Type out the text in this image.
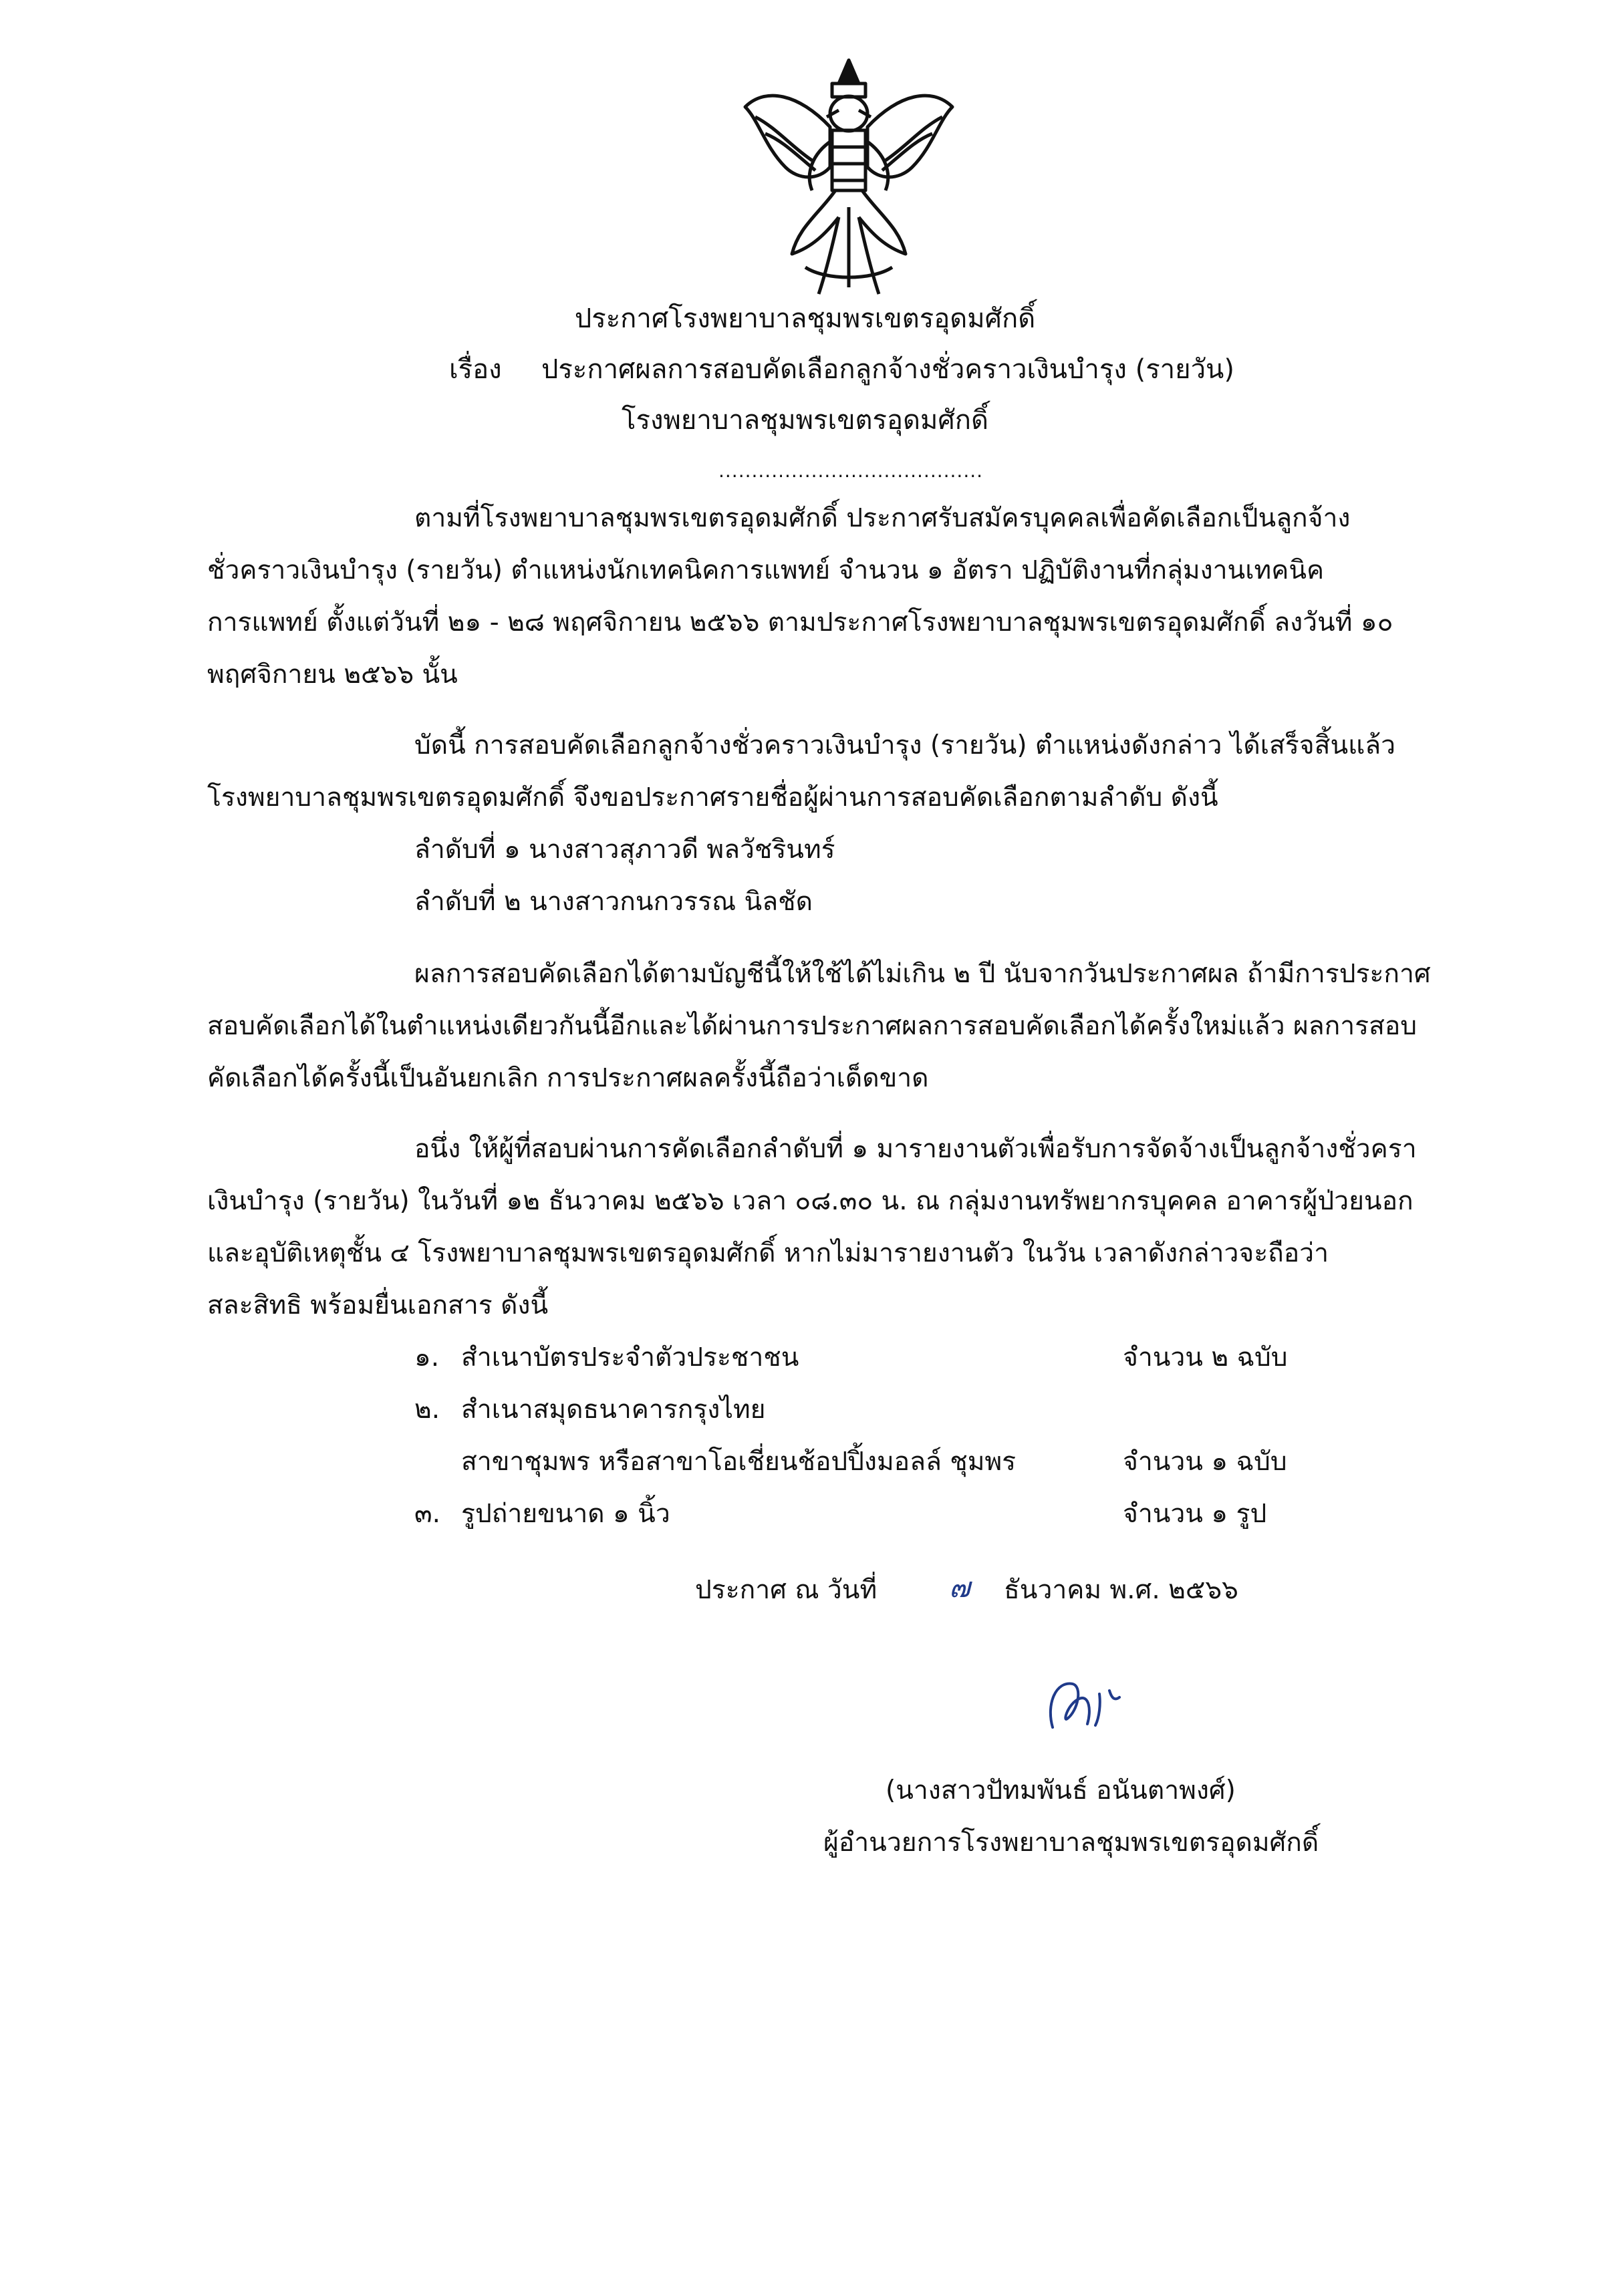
ประกาศโรงพยาบาลชุมพรเขตรอุดมศักดิ์
เรื่อง ประกาศผลการสอบคัดเลือกลูกจ้างชั่วคราวเงินบำรุง (รายวัน)
โรงพยาบาลชุมพรเขตรอุดมศักดิ์
........................................
ตามที่โรงพยาบาลชุมพรเขตรอุดมศักดิ์ ประกาศรับสมัครบุคคลเพื่อคัดเลือกเป็นลูกจ้าง
ชั่วคราวเงินบำรุง (รายวัน) ตำแหน่งนักเทคนิคการแพทย์ จำนวน ๑ อัตรา ปฏิบัติงานที่กลุ่มงานเทคนิค
การแพทย์ ตั้งแต่วันที่ ๒๑ - ๒๘ พฤศจิกายน ๒๕๖๖ ตามประกาศโรงพยาบาลชุมพรเขตรอุดมศักดิ์ ลงวันที่ ๑๐
พฤศจิกายน ๒๕๖๖ นั้น
บัดนี้ การสอบคัดเลือกลูกจ้างชั่วคราวเงินบำรุง (รายวัน) ตำแหน่งดังกล่าว ได้เสร็จสิ้นแล้ว
โรงพยาบาลชุมพรเขตรอุดมศักดิ์ จึงขอประกาศรายชื่อผู้ผ่านการสอบคัดเลือกตามลำดับ ดังนี้
ลำดับที่ ๑ นางสาวสุภาวดี พลวัชรินทร์
ลำดับที่ ๒ นางสาวกนกวรรณ นิลชัด
ผลการสอบคัดเลือกได้ตามบัญชีนี้ให้ใช้ได้ไม่เกิน ๒ ปี นับจากวันประกาศผล ถ้ามีการประกาศ
สอบคัดเลือกได้ในตำแหน่งเดียวกันนี้อีกและได้ผ่านการประกาศผลการสอบคัดเลือกได้ครั้งใหม่แล้ว ผลการสอบ
คัดเลือกได้ครั้งนี้เป็นอันยกเลิก การประกาศผลครั้งนี้ถือว่าเด็ดขาด
อนึ่ง ให้ผู้ที่สอบผ่านการคัดเลือกลำดับที่ ๑ มารายงานตัวเพื่อรับการจัดจ้างเป็นลูกจ้างชั่วครา
เงินบำรุง (รายวัน) ในวันที่ ๑๒ ธันวาคม ๒๕๖๖ เวลา ๐๘.๓๐ น. ณ กลุ่มงานทรัพยากรบุคคล อาคารผู้ป่วยนอก
และอุบัติเหตุชั้น ๔ โรงพยาบาลชุมพรเขตรอุดมศักดิ์ หากไม่มารายงานตัว ในวัน เวลาดังกล่าวจะถือว่า
สละสิทธิ พร้อมยื่นเอกสาร ดังนี้
๑. สำเนาบัตรประจำตัวประชาชน	จำนวน ๒ ฉบับ
๒. สำเนาสมุดธนาคารกรุงไทย
สาขาชุมพร หรือสาขาโอเชี่ยนช้อปปิ้งมอลล์ ชุมพร	จำนวน ๑ ฉบับ
๓. รูปถ่ายขนาด ๑ นิ้ว	จำนวน ๑ รูป
ประกาศ ณ วันที่	๗ ธันวาคม พ.ศ. ๒๕๖๖
(นางสาวปัทมพันธ์ อนันตาพงศ์)
ผู้อำนวยการโรงพยาบาลชุมพรเขตรอุดมศักดิ์
